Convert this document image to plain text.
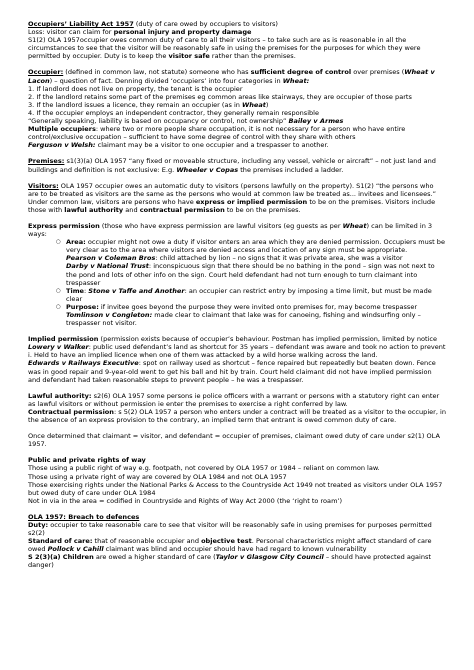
Occupiers’ Liability Act 1957 (duty of care owed by occupiers to visitors)

Loss: visitor can claim for personal injury and property damage

S1(2) OLA 1957occupier owes common duty of care to all their visitors – to take such are as is reasonable in all the circumstances to see that the visitor will be reasonably safe in using the premises for the purposes for which they were permitted by occupier. Duty is to keep the visitor safe rather than the premises.

Occupier: (defined in common law, not statute) someone who has sufficient degree of control over premises (Wheat v Lacon) – question of fact. Denning divided ‘occupiers’ into four categories in Wheat:

1. If landlord does not live on property, the tenant is the occupier

2. If the landlord retains some part of the premises eg common areas like stairways, they are occupier of those parts

3. If the landlord issues a licence, they remain an occupier (as in Wheat)

4. If the occupier employs an independent contractor, they generally remain responsible

“Generally speaking, liability is based on occupancy or control, not ownership” Bailey v Armes

Multiple occupiers: where two or more people share occupation, it is not necessary for a person who have entire control/exclusive occupation – sufficient to have some degree of control with they share with others

Ferguson v Welsh: claimant may be a visitor to one occupier and a trespasser to another.

Premises: s1(3)(a) OLA 1957 “any fixed or moveable structure, including any vessel, vehicle or aircraft” – not just land and buildings and definition is not exclusive: E.g. Wheeler v Copas the premises included a ladder.

Visitors: OLA 1957 occupier owes an automatic duty to visitors (persons lawfully on the property). S1(2) “the persons who are to be treated as visitors are the same as the persons who would at common law be treated as... invitees and licensees.” Under common law, visitors are persons who have express or implied permission to be on the premises. Visitors include those with lawful authority and contractual permission to be on the premises.

Express permission (those who have express permission are lawful visitors (eg guests as per Wheat) can be limited in 3 ways:

○ Area: occupier might not owe a duty if visitor enters an area which they are denied permission. Occupiers must be very clear as to the area where visitors are denied access and location of any sign must be appropriate.

Pearson v Coleman Bros: child attached by lion – no signs that it was private area, she was a visitor

Darby v National Trust: inconspicuous sign that there should be no bathing in the pond – sign was not next to the pond and lots of other info on the sign. Court held defendant had not turn enough to turn claimant into trespasser

○ Time: Stone v Taffe and Another: an occupier can restrict entry by imposing a time limit, but must be made clear
○ Purpose: if invitee goes beyond the purpose they were invited onto premises for, may become trespasser

Tomlinson v Congleton: made clear to claimant that lake was for canoeing, fishing and windsurfing only – trespasser not visitor.

Implied permission (permission exists because of occupier’s behaviour. Postman has implied permission, limited by notice

Lowery v Walker: public used defendant’s land as shortcut for 35 years – defendant was aware and took no action to prevent i. Held to have an implied licence when one of them was attacked by a wild horse walking across the land.

Edwards v Railways Executive: spot on railway used as shortcut – fence repaired but repeatedly but beaten down. Fence was in good repair and 9-year-old went to get his ball and hit by train. Court held claimant did not have implied permission and defendant had taken reasonable steps to prevent people – he was a trespasser.

Lawful authority: s2(6) OLA 1957 some persons ie police officers with a warrant or persons with a statutory right can enter as lawful visitors or without permission ie enter the premises to exercise a right conferred by law.

Contractual permission: s 5(2) OLA 1957 a person who enters under a contract will be treated as a visitor to the occupier, in the absence of an express provision to the contrary, an implied term that entrant is owed common duty of care.

Once determined that claimant = visitor, and defendant = occupier of premises, claimant owed duty of care under s2(1) OLA 1957.

Public and private rights of way

Those using a public right of way e.g. footpath, not covered by OLA 1957 or 1984 – reliant on common law.

Those using a private right of way are covered by OLA 1984 and not OLA 1957

Those exercising rights under the National Parks & Access to the Countryside Act 1949 not treated as visitors under OLA 1957 but owed duty of care under OLA 1984

Not in via in the area = codified in Countryside and Rights of Way Act 2000 (the ‘right to roam’)

OLA 1957: Breach to defences

Duty: occupier to take reasonable care to see that visitor will be reasonably safe in using premises for purposes permitted s2(2)

Standard of care: that of reasonable occupier and objective test. Personal characteristics might affect standard of care owed Pollock v Cahill claimant was blind and occupier should have had regard to known vulnerability

S 2(3)(a) Children are owed a higher standard of care (Taylor v Glasgow City Council – should have protected against danger)
